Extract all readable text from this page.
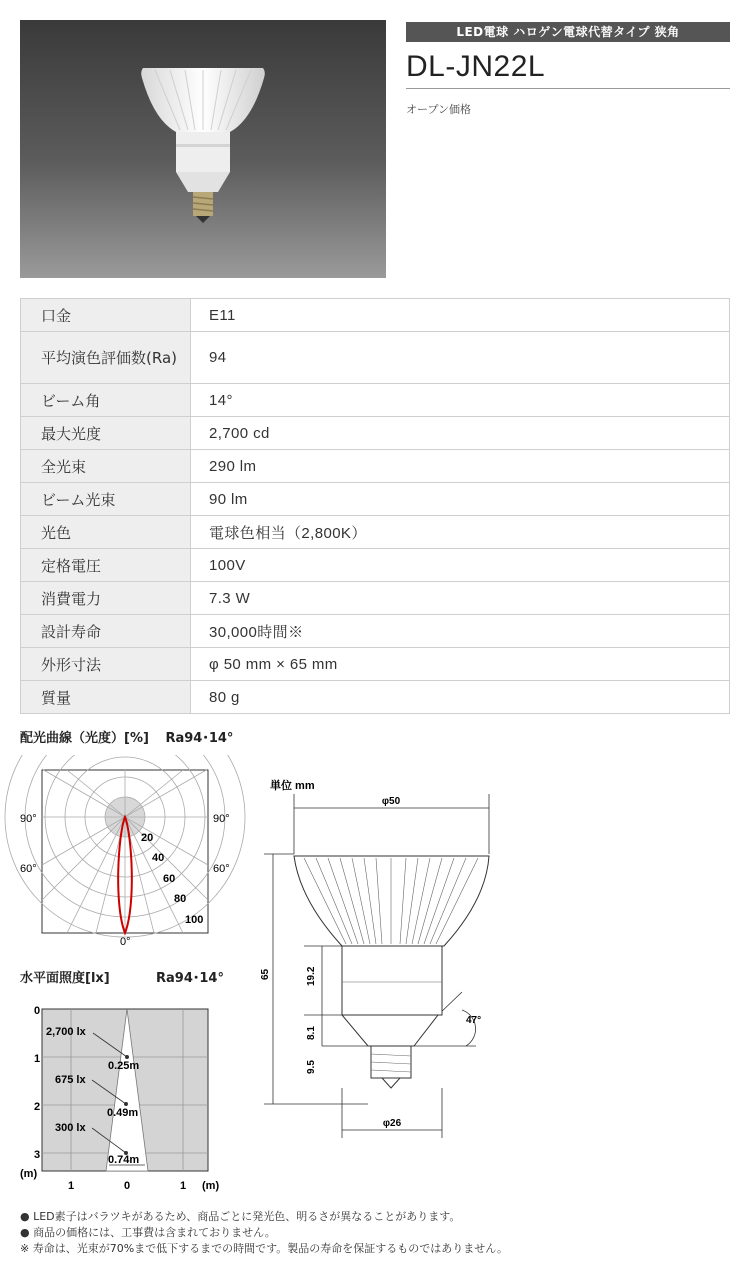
LED電球 ハロゲン電球代替タイプ 狭角
DL-JN22L
オープン価格
口金	E11
平均演色評価数(Ra)	94
ビーム角	14°
最大光度	2,700 cd
全光束	290 lm
ビーム光束	90 lm
光色	電球色相当（2,800K）
定格電圧	100V
消費電力	7.3 W
設計寿命	30,000時間※
外形寸法	φ 50 mm × 65 mm
質量	80 g
配光曲線（光度）[%] Ra94･14°
90°	90°
60°	60°
0°
20
40
60
80
100
水平面照度[lx]	Ra94･14°
0
1
2
3
(m)
1	0	1 (m)
2,700 lx
0.25m
675 lx
0.49m
300 lx
0.74m
単位 mm
φ50
φ26
65	19.2
8.1
9.5
47°
● LED素子はバラツキがあるため、商品ごとに発光色、明るさが異なることがあります。
● 商品の価格には、工事費は含まれておりません。
※ 寿命は、光束が70%まで低下するまでの時間です。製品の寿命を保証するものではありません。
